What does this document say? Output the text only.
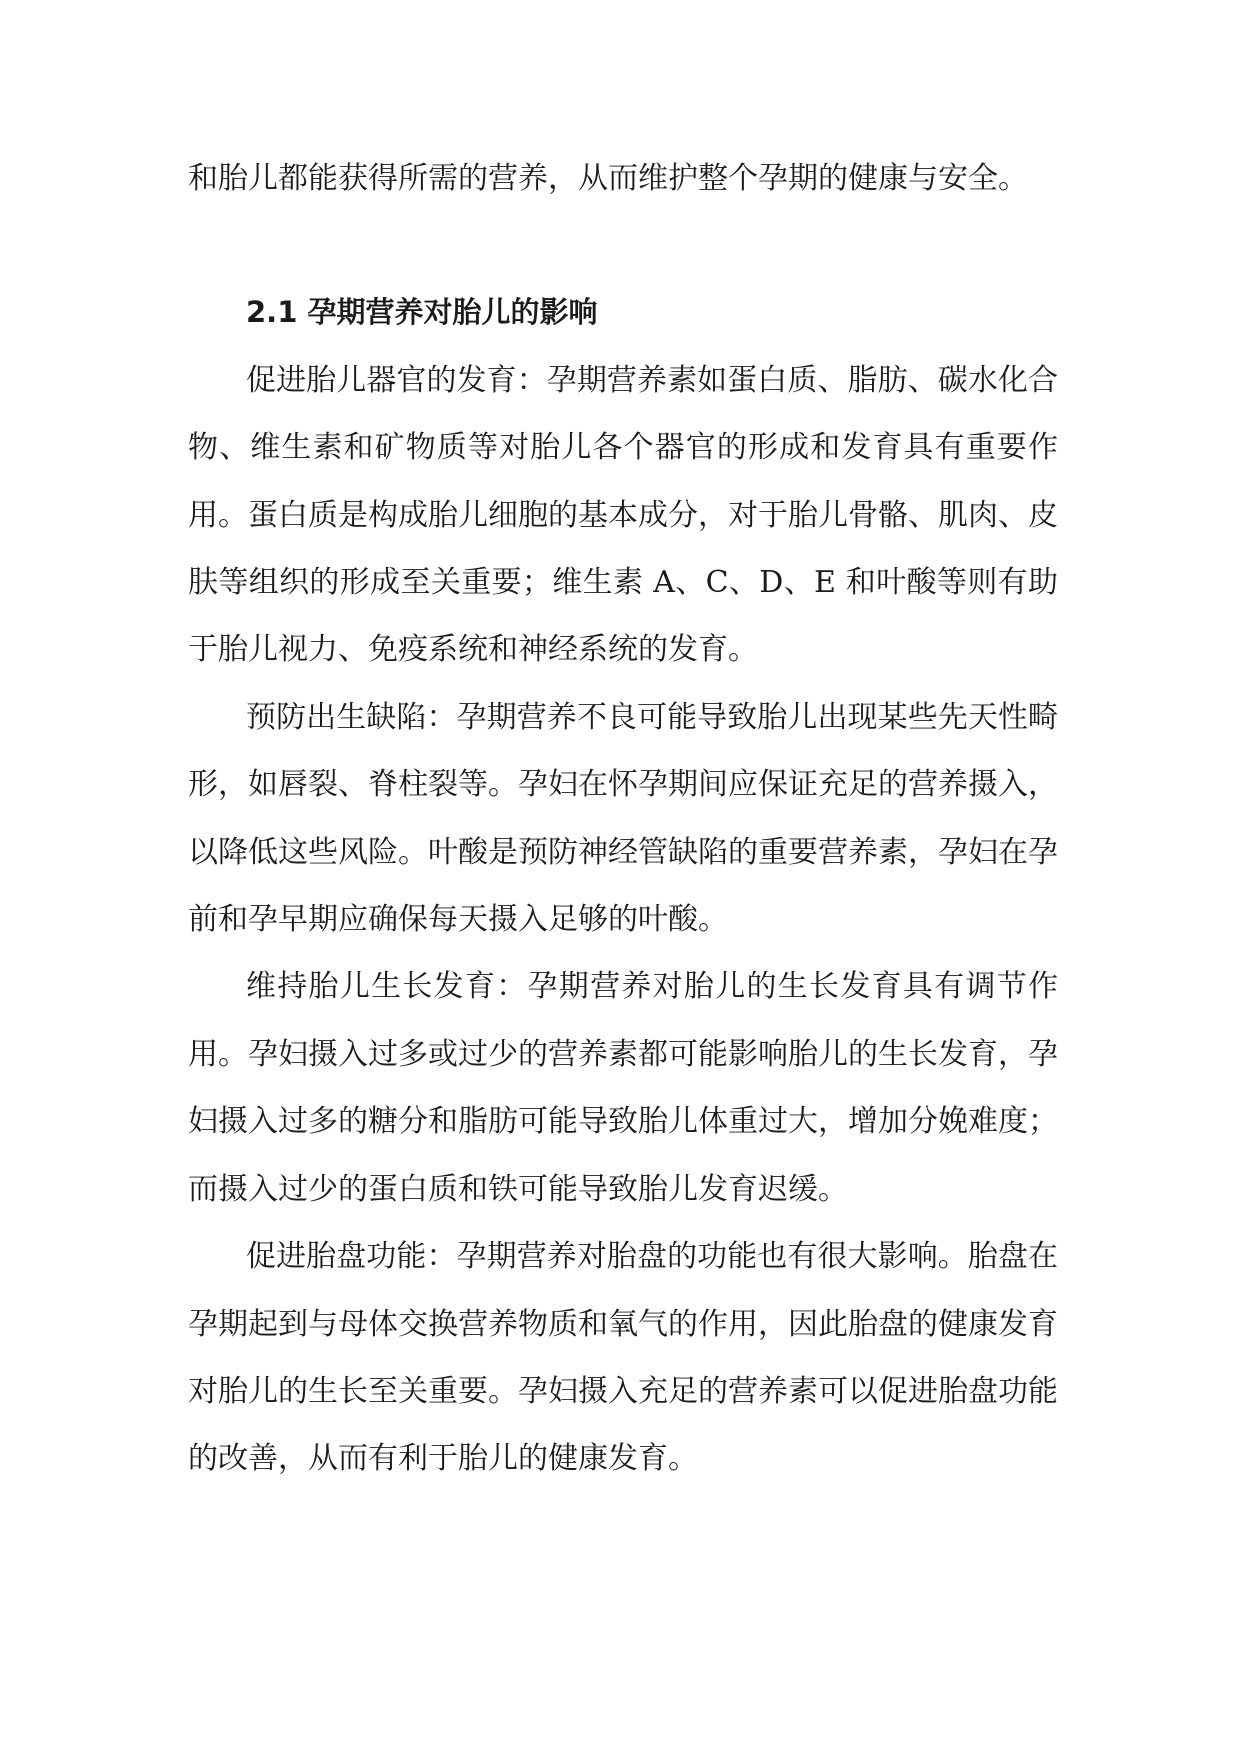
和胎儿都能获得所需的营养，从而维护整个孕期的健康与安全。

2.1 孕期营养对胎儿的影响

促进胎儿器官的发育：孕期营养素如蛋白质、脂肪、碳水化合物、维生素和矿物质等对胎儿各个器官的形成和发育具有重要作用。蛋白质是构成胎儿细胞的基本成分，对于胎儿骨骼、肌肉、皮肤等组织的形成至关重要；维生素 A、C、D、E 和叶酸等则有助于胎儿视力、免疫系统和神经系统的发育。

预防出生缺陷：孕期营养不良可能导致胎儿出现某些先天性畸形，如唇裂、脊柱裂等。孕妇在怀孕期间应保证充足的营养摄入，以降低这些风险。叶酸是预防神经管缺陷的重要营养素，孕妇在孕前和孕早期应确保每天摄入足够的叶酸。

维持胎儿生长发育：孕期营养对胎儿的生长发育具有调节作用。孕妇摄入过多或过少的营养素都可能影响胎儿的生长发育，孕妇摄入过多的糖分和脂肪可能导致胎儿体重过大，增加分娩难度；而摄入过少的蛋白质和铁可能导致胎儿发育迟缓。

促进胎盘功能：孕期营养对胎盘的功能也有很大影响。胎盘在孕期起到与母体交换营养物质和氧气的作用，因此胎盘的健康发育对胎儿的生长至关重要。孕妇摄入充足的营养素可以促进胎盘功能的改善，从而有利于胎儿的健康发育。
